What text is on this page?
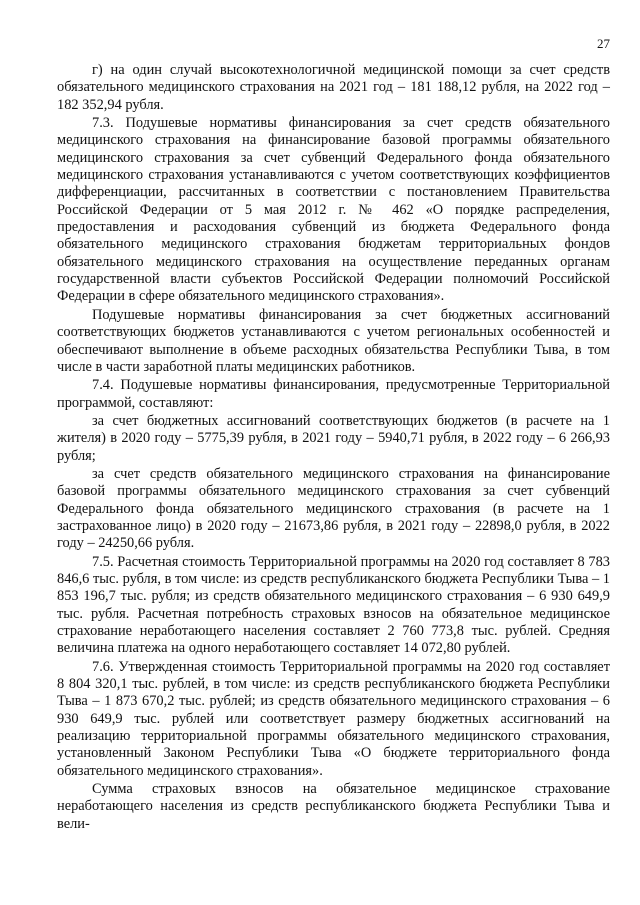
27

г) на один случай высокотехнологичной медицинской помощи за счет средств обязательного медицинского страхования на 2021 год – 181 188,12 рубля, на 2022 год – 182 352,94 рубля.

7.3. Подушевые нормативы финансирования за счет средств обязательного медицинского страхования на финансирование базовой программы обязательного медицинского страхования за счет субвенций Федерального фонда обязательного медицинского страхования устанавливаются с учетом соответствующих коэффициентов дифференциации, рассчитанных в соответствии с постановлением Правительства Российской Федерации от 5 мая 2012 г. № 462 «О порядке распределения, предоставления и расходования субвенций из бюджета Федерального фонда обязательного медицинского страхования бюджетам территориальных фондов обязательного медицинского страхования на осуществление переданных органам государственной власти субъектов Российской Федерации полномочий Российской Федерации в сфере обязательного медицинского страхования».

Подушевые нормативы финансирования за счет бюджетных ассигнований соответствующих бюджетов устанавливаются с учетом региональных особенностей и обеспечивают выполнение в объеме расходных обязательства Республики Тыва, в том числе в части заработной платы медицинских работников.

7.4. Подушевые нормативы финансирования, предусмотренные Территориальной программой, составляют:

за счет бюджетных ассигнований соответствующих бюджетов (в расчете на 1 жителя) в 2020 году – 5775,39 рубля, в 2021 году – 5940,71 рубля, в 2022 году – 6 266,93 рубля;

за счет средств обязательного медицинского страхования на финансирование базовой программы обязательного медицинского страхования за счет субвенций Федерального фонда обязательного медицинского страхования (в расчете на 1 застрахованное лицо) в 2020 году – 21673,86 рубля, в 2021 году – 22898,0 рубля, в 2022 году – 24250,66 рубля.

7.5. Расчетная стоимость Территориальной программы на 2020 год составляет 8 783 846,6 тыс. рубля, в том числе: из средств республиканского бюджета Республики Тыва – 1 853 196,7 тыс. рубля; из средств обязательного медицинского страхования – 6 930 649,9 тыс. рубля. Расчетная потребность страховых взносов на обязательное медицинское страхование неработающего населения составляет 2 760 773,8 тыс. рублей. Средняя величина платежа на одного неработающего составляет 14 072,80 рублей.

7.6. Утвержденная стоимость Территориальной программы на 2020 год составляет 8 804 320,1 тыс. рублей, в том числе: из средств республиканского бюджета Республики Тыва – 1 873 670,2 тыс. рублей; из средств обязательного медицинского страхования – 6 930 649,9 тыс. рублей или соответствует размеру бюджетных ассигнований на реализацию территориальной программы обязательного медицинского страхования, установленный Законом Республики Тыва «О бюджете территориального фонда обязательного медицинского страхования».

Сумма страховых взносов на обязательное медицинское страхование неработающего населения из средств республиканского бюджета Республики Тыва и вели-
